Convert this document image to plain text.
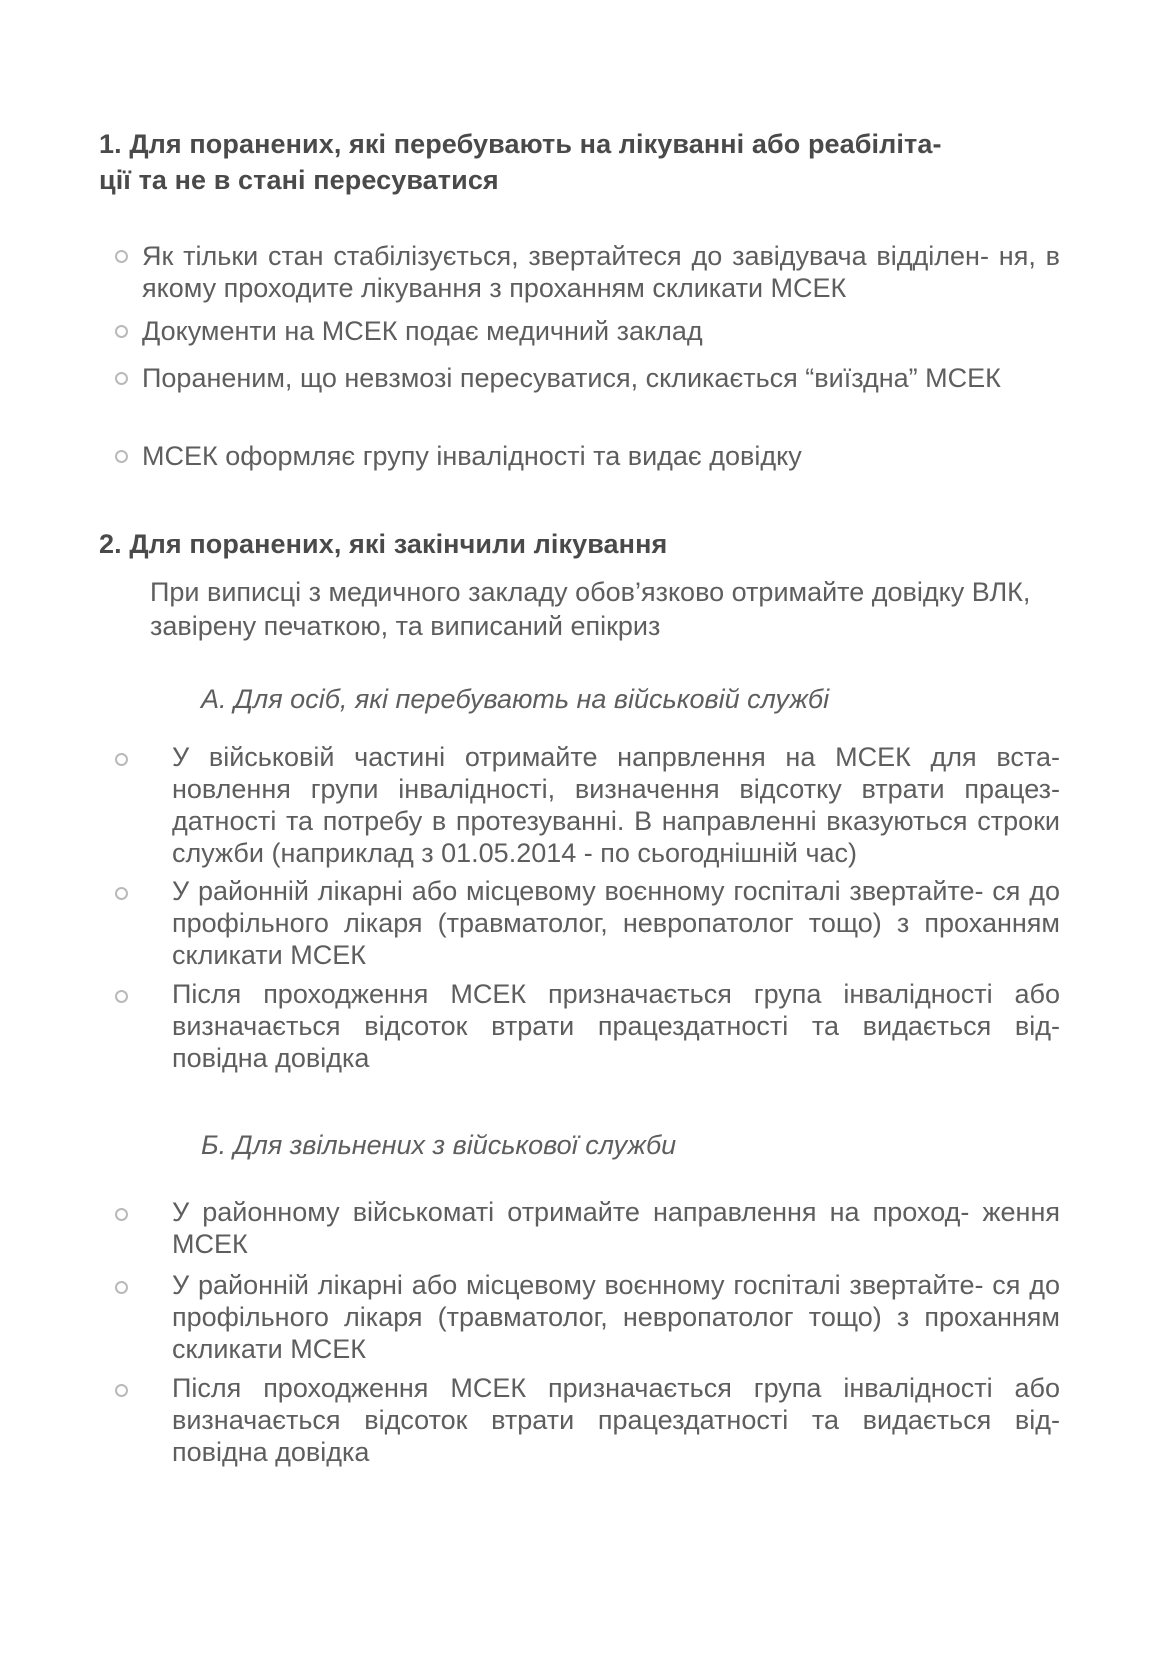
1. Для поранених, які перебувають на лікуванні або реабіліта-
ції та не в стані пересуватися
Як тільки стан стабілізується, звертайтеся до завідувача відділен- ня, в якому проходите лікування з проханням скликати МСЕК
Документи на МСЕК подає медичний заклад
Пораненим, що невзмозі пересуватися, скликається “виїздна” МСЕК
МСЕК оформляє групу інвалідності та видає довідку
2. Для поранених, які закінчили лікування

При виписці з медичного закладу обов’язково отримайте довідку ВЛК, завірену печаткою, та виписаний епікриз

А. Для осіб, які перебувають на військовій службі

У військовій частині отримайте напрвлення на МСЕК для вста- новлення групи інвалідності, визначення відсотку втрати працез- датності та потребу в протезуванні. В направленні вказуються строки служби (наприклад з 01.05.2014 - по сьогоднішній час)
У районній лікарні або місцевому воєнному госпіталі звертайте- ся до профільного лікаря (травматолог, невропатолог тощо) з проханням скликати МСЕК
Після проходження МСЕК призначається група інвалідності або визначається відсоток втрати працездатності та видається від- повідна довідка

Б. Для звільнених з військової служби

У районному військоматі отримайте направлення на проход- ження МСЕК
У районній лікарні або місцевому воєнному госпіталі звертайте- ся до профільного лікаря (травматолог, невропатолог тощо) з проханням скликати МСЕК
Після проходження МСЕК призначається група інвалідності або визначається відсоток втрати працездатності та видається від- повідна довідка
